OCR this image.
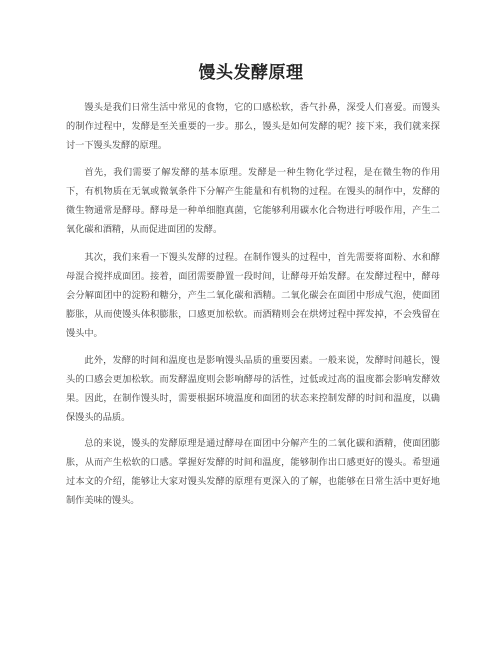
馒头发酵原理

馒头是我们日常生活中常见的食物，它的口感松软，香气扑鼻，深受人们喜爱。而馒头的制作过程中，发酵是至关重要的一步。那么，馒头是如何发酵的呢？接下来，我们就来探讨一下馒头发酵的原理。

首先，我们需要了解发酵的基本原理。发酵是一种生物化学过程，是在微生物的作用下，有机物质在无氧或微氧条件下分解产生能量和有机物的过程。在馒头的制作中，发酵的微生物通常是酵母。酵母是一种单细胞真菌，它能够利用碳水化合物进行呼吸作用，产生二氧化碳和酒精，从而促进面团的发酵。

其次，我们来看一下馒头发酵的过程。在制作馒头的过程中，首先需要将面粉、水和酵母混合搅拌成面团。接着，面团需要静置一段时间，让酵母开始发酵。在发酵过程中，酵母会分解面团中的淀粉和糖分，产生二氧化碳和酒精。二氧化碳会在面团中形成气泡，使面团膨胀，从而使馒头体积膨胀，口感更加松软。而酒精则会在烘烤过程中挥发掉，不会残留在馒头中。

此外，发酵的时间和温度也是影响馒头品质的重要因素。一般来说，发酵时间越长，馒头的口感会更加松软。而发酵温度则会影响酵母的活性，过低或过高的温度都会影响发酵效果。因此，在制作馒头时，需要根据环境温度和面团的状态来控制发酵的时间和温度，以确保馒头的品质。

总的来说，馒头的发酵原理是通过酵母在面团中分解产生的二氧化碳和酒精，使面团膨胀，从而产生松软的口感。掌握好发酵的时间和温度，能够制作出口感更好的馒头。希望通过本文的介绍，能够让大家对馒头发酵的原理有更深入的了解，也能够在日常生活中更好地制作美味的馒头。
